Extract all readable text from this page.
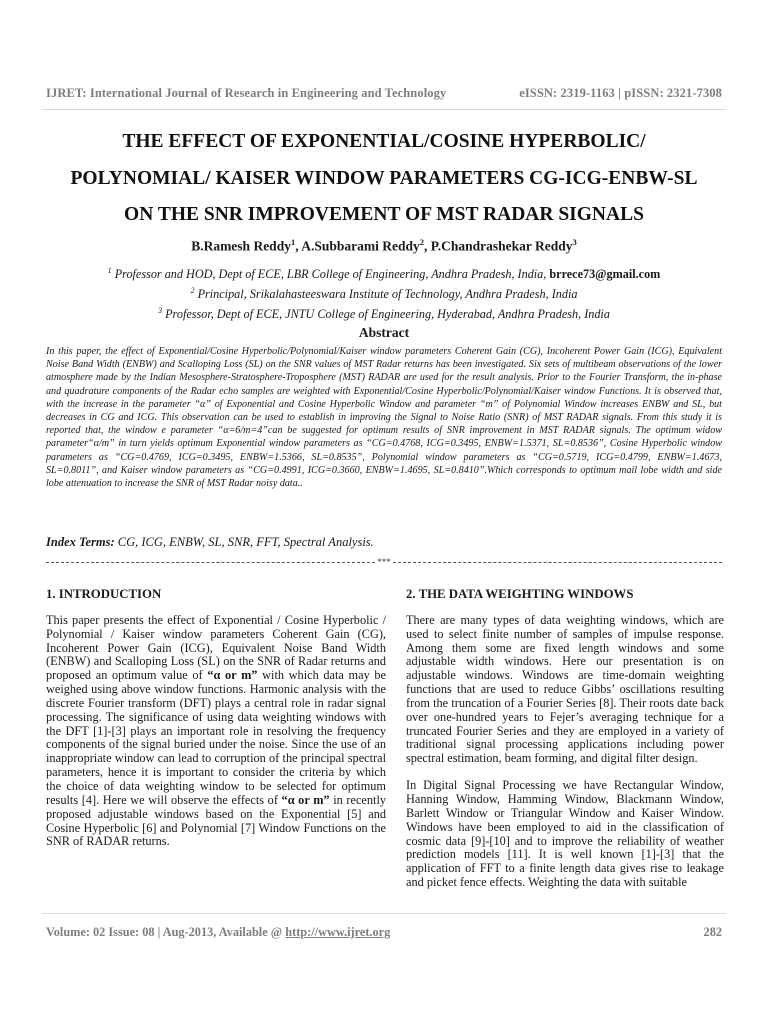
IJRET: International Journal of Research in Engineering and Technology	eISSN: 2319-1163 | pISSN: 2321-7308
THE EFFECT OF EXPONENTIAL/COSINE HYPERBOLIC/
POLYNOMIAL/ KAISER WINDOW PARAMETERS CG-ICG-ENBW-SL
ON THE SNR IMPROVEMENT OF MST RADAR SIGNALS
B.Ramesh Reddy$^1$, A.Subbarami Reddy$^2$, P.Chandrashekar Reddy$^3$
$^1$ Professor and HOD, Dept of ECE, LBR College of Engineering, Andhra Pradesh, India, brrece73@gmail.com
$^2$ Principal, Srikalahasteeswara Institute of Technology, Andhra Pradesh, India
$^3$ Professor, Dept of ECE, JNTU College of Engineering, Hyderabad, Andhra Pradesh, India
Abstract
In this paper, the effect of Exponential/Cosine Hyperbolic/Polynomial/Kaiser window parameters Coherent Gain (CG), Incoherent Power Gain (ICG), Equivalent Noise Band Width (ENBW) and Scalloping Loss (SL) on the SNR values of MST Radar returns has been investigated. Six sets of multibeam observations of the lower atmosphere made by the Indian Mesosphere-Stratosphere-Troposphere (MST) RADAR are used for the result analysis. Prior to the Fourier Transform, the in-phase and quadrature components of the Radar echo samples are weighted with Exponential/Cosine Hyperbolic/Polynomial/Kaiser window Functions. It is observed that, with the increase in the parameter “α” of Exponential and Cosine Hyperbolic Window and parameter “m” of Polynomial Window increases ENBW and SL, but decreases in CG and ICG. This observation can be used to establish in improving the Signal to Noise Ratio (SNR) of MST RADAR signals. From this study it is reported that, the window e parameter “α=6/m=4”can be suggested for optimum results of SNR improvement in MST RADAR signals. The optimum widow parameter“α/m” in turn yields optimum Exponential window parameters as “CG=0.4768, ICG=0.3495, ENBW=1.5371, SL=0.8536”, Cosine Hyperbolic window parameters as “CG=0.4769, ICG=0.3495, ENBW=1.5366, SL=0.8535”, Polynomial window parameters as “CG=0.5719, ICG=0.4799, ENBW=1.4673, SL=0.8011”, and Kaiser window parameters as “CG=0.4991, ICG=0.3660, ENBW=1.4695, SL=0.8410”.Which corresponds to optimum mail lobe width and side lobe attenuation to increase the SNR of MST Radar noisy data..
Index Terms: CG, ICG, ENBW, SL, SNR, FFT, Spectral Analysis.
***
1. INTRODUCTION

This paper presents the effect of Exponential / Cosine Hyperbolic / Polynomial / Kaiser window parameters Coherent Gain (CG), Incoherent Power Gain (ICG), Equivalent Noise Band Width (ENBW) and Scalloping Loss (SL) on the SNR of Radar returns and proposed an optimum value of “α or m” with which data may be weighed using above window functions. Harmonic analysis with the discrete Fourier transform (DFT) plays a central role in radar signal processing. The significance of using data weighting windows with the DFT [1]-[3] plays an important role in resolving the frequency components of the signal buried under the noise. Since the use of an inappropriate window can lead to corruption of the principal spectral parameters, hence it is important to consider the criteria by which the choice of data weighting window to be selected for optimum results [4]. Here we will observe the effects of “α or m” in recently proposed adjustable windows based on the Exponential [5] and Cosine Hyperbolic [6] and Polynomial [7] Window Functions on the SNR of RADAR returns.

2. THE DATA WEIGHTING WINDOWS

There are many types of data weighting windows, which are used to select finite number of samples of impulse response. Among them some are fixed length windows and some adjustable width windows. Here our presentation is on adjustable windows. Windows are time-domain weighting functions that are used to reduce Gibbs’ oscillations resulting from the truncation of a Fourier Series [8]. Their roots date back over one-hundred years to Fejer’s averaging technique for a truncated Fourier Series and they are employed in a variety of traditional signal processing applications including power spectral estimation, beam forming, and digital filter design.

In Digital Signal Processing we have Rectangular Window, Hanning Window, Hamming Window, Blackmann Window, Barlett Window or Triangular Window and Kaiser Window. Windows have been employed to aid in the classification of cosmic data [9]-[10] and to improve the reliability of weather prediction models [11]. It is well known [1]-[3] that the application of FFT to a finite length data gives rise to leakage and picket fence effects. Weighting the data with suitable

Volume: 02 Issue: 08 | Aug-2013, Available @ http://www.ijret.org	282
